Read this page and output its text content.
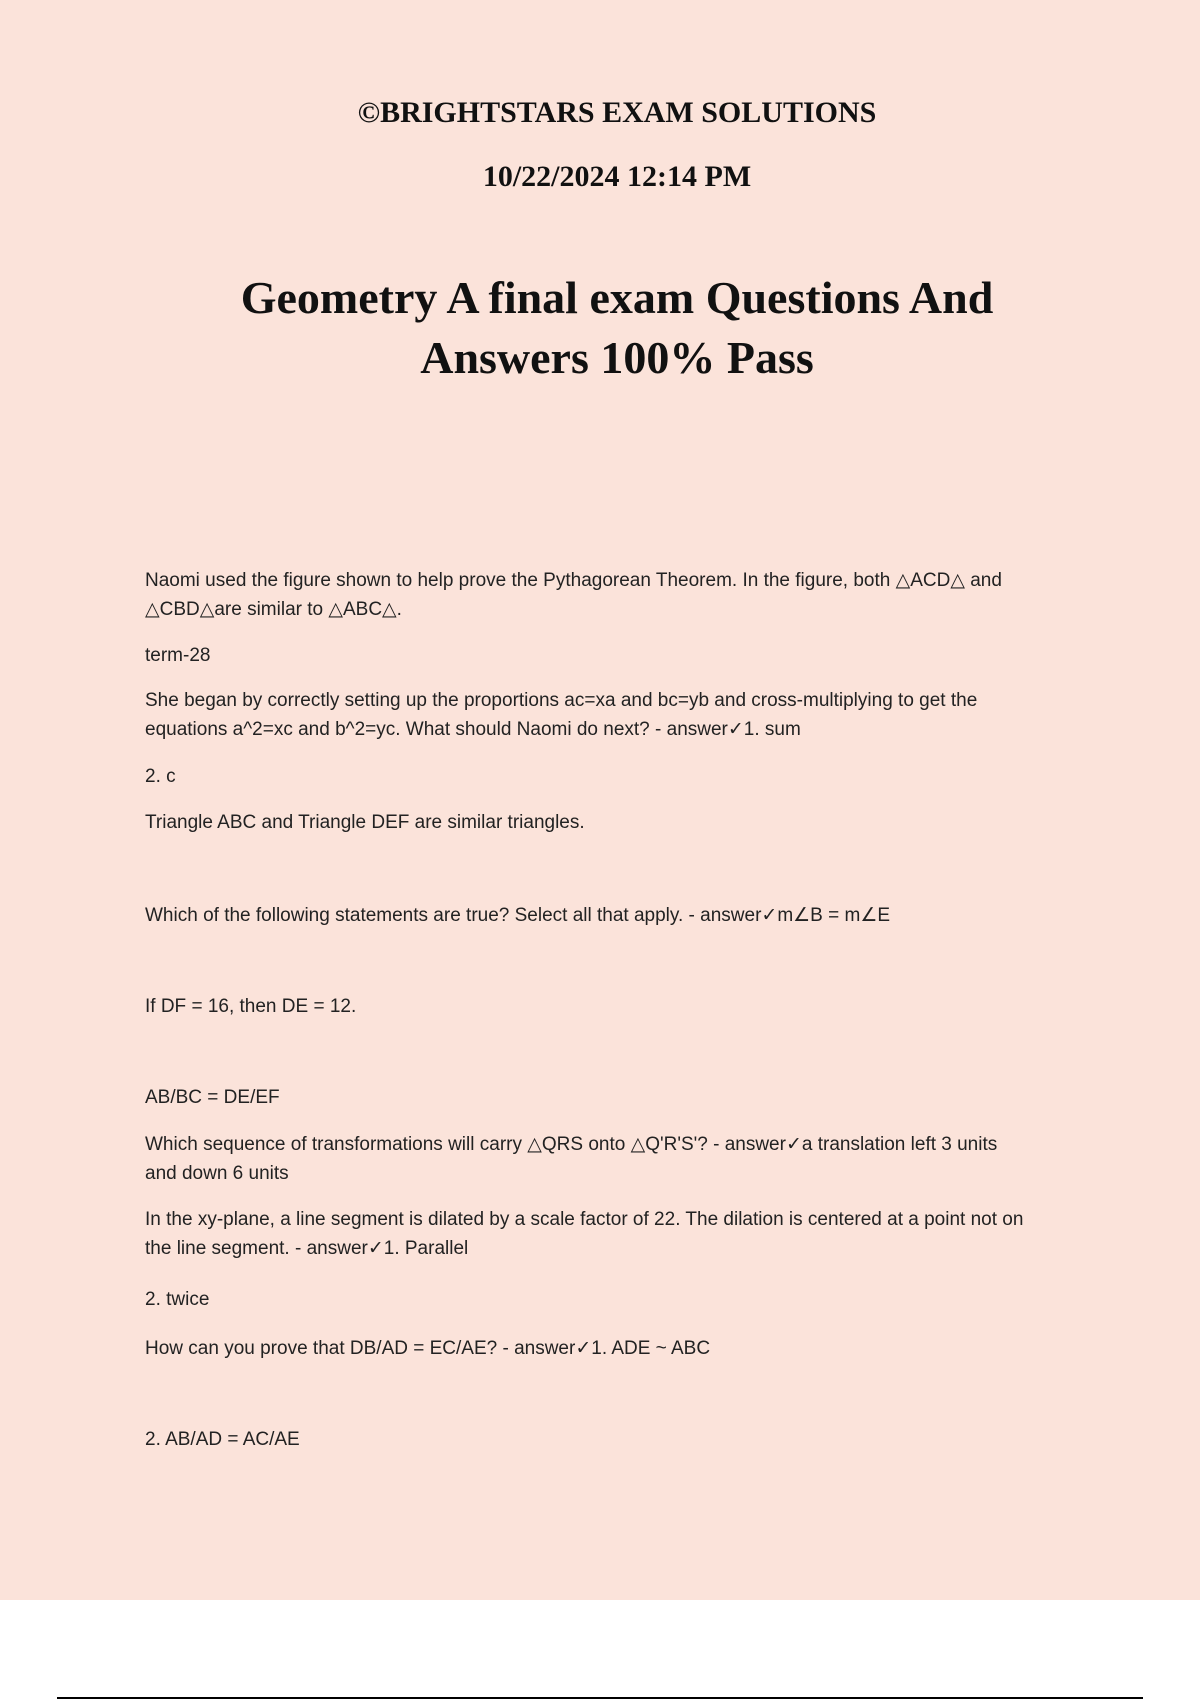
©BRIGHTSTARS EXAM SOLUTIONS

10/22/2024 12:14 PM

Geometry A final exam Questions And
Answers 100% Pass

Naomi used the figure shown to help prove the Pythagorean Theorem. In the figure, both △ACD△ and
△CBD△are similar to △ABC△.

term-28

She began by correctly setting up the proportions ac=xa and bc=yb and cross-multiplying to get the
equations a^2=xc and b^2=yc. What should Naomi do next? - answer✓1. sum

2. c

Triangle ABC and Triangle DEF are similar triangles.

Which of the following statements are true? Select all that apply. - answer✓m∠B = m∠E

If DF = 16, then DE = 12.

AB/BC = DE/EF

Which sequence of transformations will carry △QRS onto △Q'R'S'? - answer✓a translation left 3 units
and down 6 units

In the xy-plane, a line segment is dilated by a scale factor of 22. The dilation is centered at a point not on
the line segment. - answer✓1. Parallel

2. twice

How can you prove that DB/AD = EC/AE? - answer✓1. ADE ~ ABC

2. AB/AD = AC/AE
